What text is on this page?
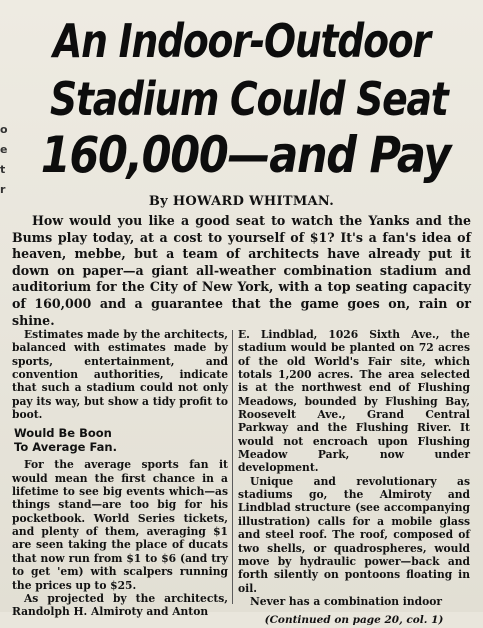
o
e
t
r
An Indoor-Outdoor
Stadium Could Seat
160,000—and Pay
By HOWARD WHITMAN.

How would you like a good seat to watch the Yanks and the Bums play today, at a cost to yourself of $1? It's a fan's idea of heaven, mebbe, but a team of architects have already put it down on paper—a giant all-weather combination stadium and auditorium for the City of New York, with a top seating capacity of 160,000 and a guarantee that the game goes on, rain or shine.

Estimates made by the architects, balanced with estimates made by sports, entertainment, and convention authorities, indicate that such a stadium could not only pay its way, but show a tidy profit to boot.

Would Be Boon
To Average Fan.

For the average sports fan it would mean the first chance in a lifetime to see big events which—as things stand—are too big for his pocketbook. World Series tickets, and plenty of them, averaging $1 are seen taking the place of ducats that now run from $1 to $6 (and try to get 'em) with scalpers running the prices up to $25.

As projected by the architects, Randolph H. Almiroty and Anton

E. Lindblad, 1026 Sixth Ave., the stadium would be planted on 72 acres of the old World's Fair site, which totals 1,200 acres. The area selected is at the northwest end of Flushing Meadows, bounded by Flushing Bay, Roosevelt Ave., Grand Central Parkway and the Flushing River. It would not encroach upon Flushing Meadow Park, now under development.

Unique and revolutionary as stadiums go, the Almiroty and Lindblad structure (see accompanying illustration) calls for a mobile glass and steel roof. The roof, composed of two shells, or quadrospheres, would move by hydraulic power—back and forth silently on pontoons floating in oil.

Never has a combination indoor

(Continued on page 20, col. 1)
